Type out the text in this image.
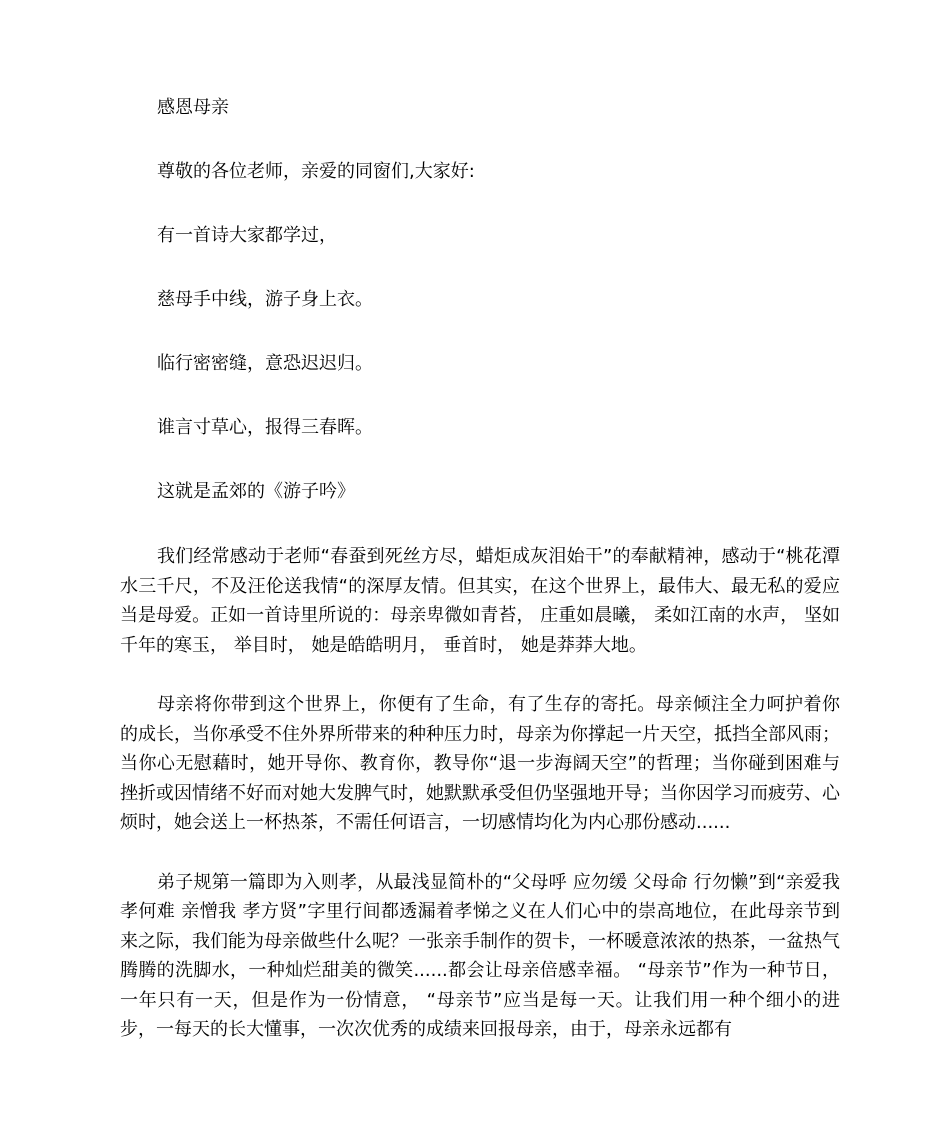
感恩母亲

尊敬的各位老师，亲爱的同窗们,大家好:

有一首诗大家都学过，

慈母手中线，游子身上衣。

临行密密缝，意恐迟迟归。

谁言寸草心，报得三春晖。

这就是孟郊的《游子吟》

我们经常感动于老师“春蚕到死丝方尽，蜡炬成灰泪始干”的奉献精神，感动于“桃花潭水三千尺，不及汪伦送我情“的深厚友情。但其实，在这个世界上，最伟大、最无私的爱应当是母爱。正如一首诗里所说的：母亲卑微如青苔， 庄重如晨曦， 柔如江南的水声， 坚如千年的寒玉， 举目时， 她是皓皓明月， 垂首时， 她是莽莽大地。

母亲将你带到这个世界上，你便有了生命，有了生存的寄托。母亲倾注全力呵护着你的成长，当你承受不住外界所带来的种种压力时，母亲为你撑起一片天空，抵挡全部风雨；当你心无慰藉时，她开导你、教育你，教导你“退一步海阔天空”的哲理；当你碰到困难与挫折或因情绪不好而对她大发脾气时，她默默承受但仍坚强地开导；当你因学习而疲劳、心烦时，她会送上一杯热茶，不需任何语言，一切感情均化为内心那份感动......

弟子规第一篇即为入则孝，从最浅显简朴的“父母呼 应勿缓 父母命 行勿懒”到“亲爱我 孝何难 亲憎我 孝方贤”字里行间都透漏着孝悌之义在人们心中的崇高地位，在此母亲节到来之际，我们能为母亲做些什么呢？一张亲手制作的贺卡，一杯暖意浓浓的热茶，一盆热气腾腾的洗脚水，一种灿烂甜美的微笑......都会让母亲倍感幸福。 “母亲节”作为一种节日，一年只有一天，但是作为一份情意， “母亲节”应当是每一天。让我们用一种个细小的进步，一每天的长大懂事，一次次优秀的成绩来回报母亲，由于，母亲永远都有
